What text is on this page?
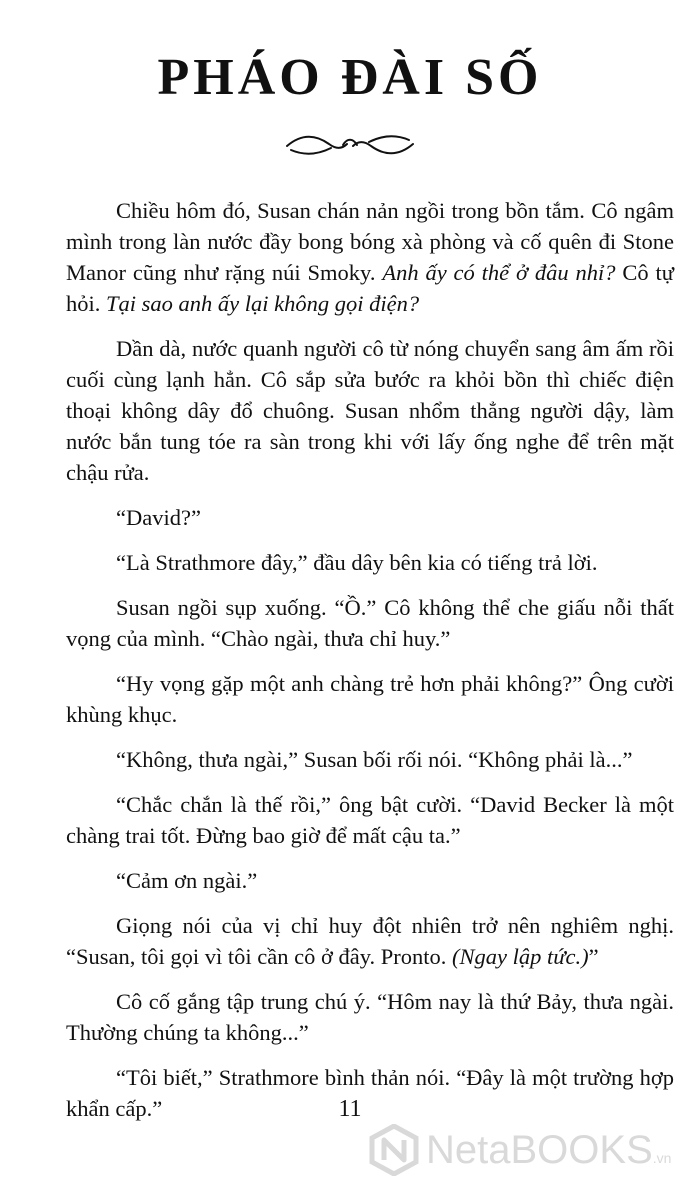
PHÁO ĐÀI SỐ

Chiều hôm đó, Susan chán nản ngồi trong bồn tắm. Cô ngâm mình trong làn nước đầy bong bóng xà phòng và cố quên đi Stone Manor cũng như rặng núi Smoky. Anh ấy có thể ở đâu nhỉ? Cô tự hỏi. Tại sao anh ấy lại không gọi điện?

Dần dà, nước quanh người cô từ nóng chuyển sang âm ấm rồi cuối cùng lạnh hẳn. Cô sắp sửa bước ra khỏi bồn thì chiếc điện thoại không dây đổ chuông. Susan nhổm thẳng người dậy, làm nước bắn tung tóe ra sàn trong khi với lấy ống nghe để trên mặt chậu rửa.

“David?”

“Là Strathmore đây,” đầu dây bên kia có tiếng trả lời.

Susan ngồi sụp xuống. “Ồ.” Cô không thể che giấu nỗi thất vọng của mình. “Chào ngài, thưa chỉ huy.”

“Hy vọng gặp một anh chàng trẻ hơn phải không?” Ông cười khùng khục.

“Không, thưa ngài,” Susan bối rối nói. “Không phải là...”

“Chắc chắn là thế rồi,” ông bật cười. “David Becker là một chàng trai tốt. Đừng bao giờ để mất cậu ta.”

“Cảm ơn ngài.”

Giọng nói của vị chỉ huy đột nhiên trở nên nghiêm nghị. “Susan, tôi gọi vì tôi cần cô ở đây. Pronto. (Ngay lập tức.)”

Cô cố gắng tập trung chú ý. “Hôm nay là thứ Bảy, thưa ngài. Thường chúng ta không...”

“Tôi biết,” Strathmore bình thản nói. “Đây là một trường hợp khẩn cấp.”	11
NetaBOOKS.vn
